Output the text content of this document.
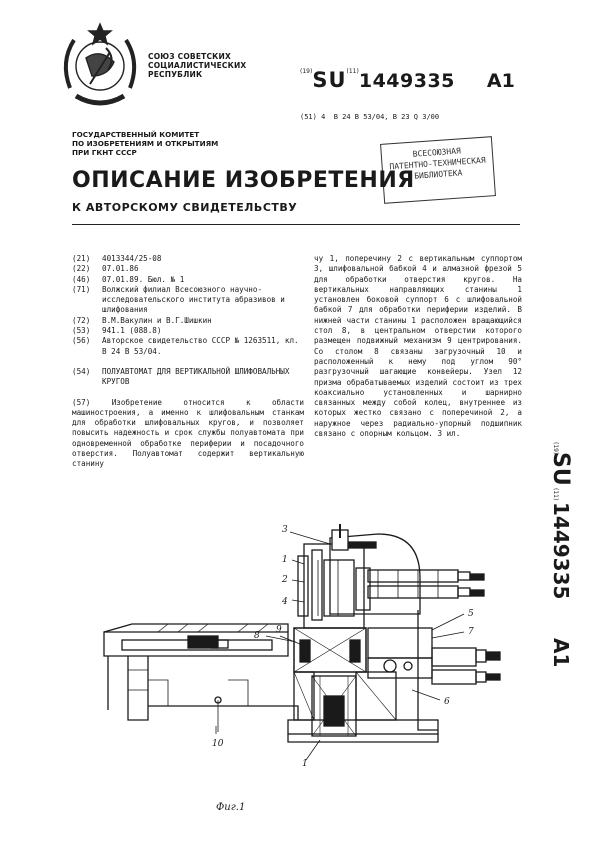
СОЮЗ СОВЕТСКИХ
СОЦИАЛИСТИЧЕСКИХ
РЕСПУБЛИК	$^{(19)}$SU$^{(11)}$1449335 A1
(51) 4 В 24 В 53/04, В 23 Q 3/00
ГОСУДАРСТВЕННЫЙ КОМИТЕТ
ПО ИЗОБРЕТЕНИЯМ И ОТКРЫТИЯМ
ПРИ ГКНТ СССР	ВСЕСОЮЗНАЯ
ПАТЕНТНО-ТЕХНИЧЕСКАЯ
БИБЛИОТЕКА
ОПИСАНИЕ ИЗОБРЕТЕНИЯ
К АВТОРСКОМУ СВИДЕТЕЛЬСТВУ
(21)	4013344/25-08
(22)	07.01.86
(46)	07.01.89. Бюл. № 1
(71)	Волжский филиал Всесоюзного научно-исследовательского института абразивов и шлифования
(72)	В.М.Вакулин и В.Г.Шишкин
(53)	941.1 (088.8)
(56)	Авторское свидетельство СССР № 1263511, кл. В 24 В 53/04.
(54)	ПОЛУАВТОМАТ ДЛЯ ВЕРТИКАЛЬНОЙ ШЛИФОВАЛЬНЫХ КРУГОВ
(57)	Изобретение относится к области машиностроения, а именно к шлифовальным станкам для обработки шлифовальных кругов, и позволяет повысить надежность и срок службы полуавтомата при одновременной обработке периферии и посадочного отверстия. Полуавтомат содержит вертикальную станину
чу 1, поперечину 2 с вертикальным суппортом 3, шлифовальной бабкой 4 и алмазной фрезой 5 для обработки отверстия кругов. На вертикальных направляющих станины 1 установлен боковой суппорт 6 с шлифовальной бабкой 7 для обработки периферии изделий. В нижней части станины 1 расположен вращающийся стол 8, в центральном отверстии которого размещен подвижный механизм 9 центрирования. Со столом 8 связаны загрузочный 10 и расположенный к нему под углом 90° разгрузочный шагающие конвейеры. Узел 12 призма обрабатываемых изделий состоит из трех коаксиально установленных и шарнирно связанных между собой колец, внутреннее из которых жестко связано с поперечиной 2, а наружное через радиально-упорный подшипник связано с опорным кольцом. 3 ил.
(19)
SU
(11)
1449335
A1
3
1
2
4
5
7
8
9
10
6
1
Фиг.1
